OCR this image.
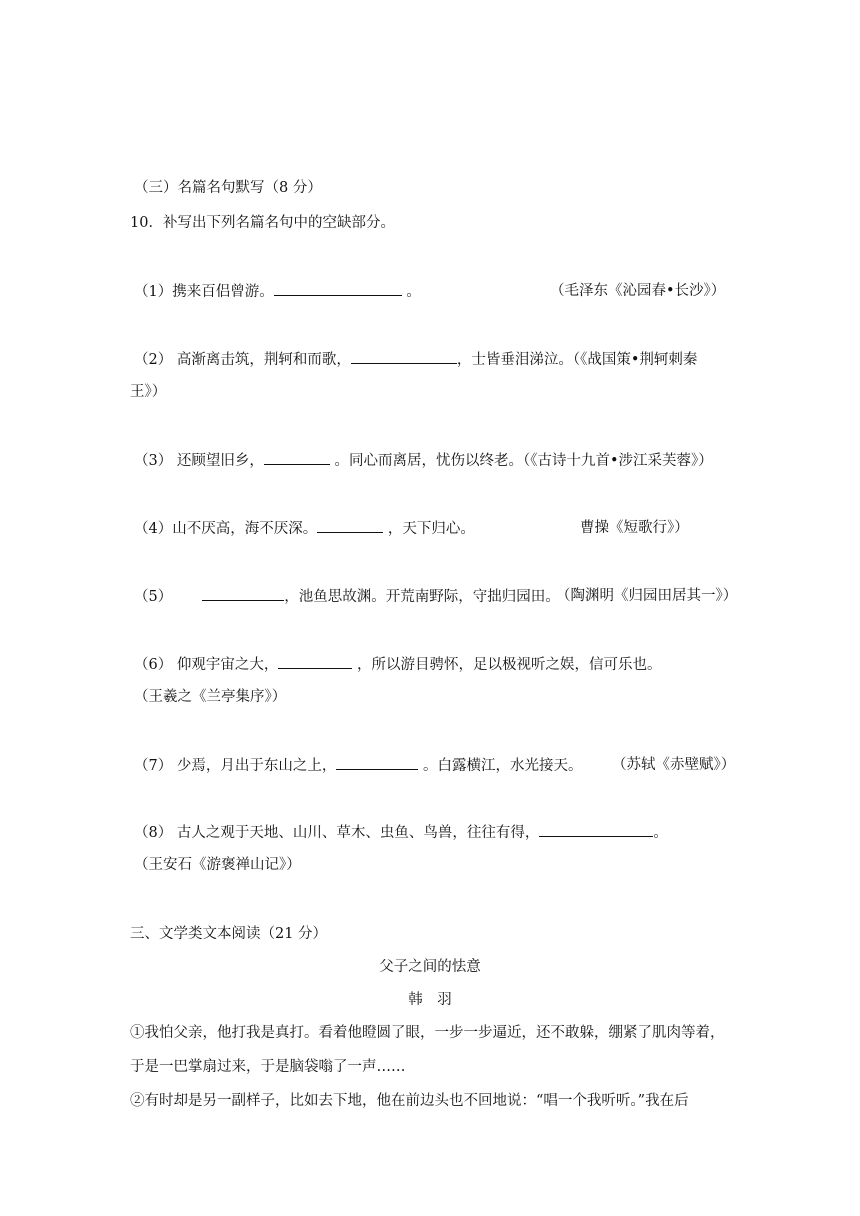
（三）名篇名句默写（8 分）
10．补写出下列名篇名句中的空缺部分。
（1）携来百侣曾游。	。	（毛泽东《沁园春•长沙》）
（2） 高渐离击筑，荆轲和而歌，	，士皆垂泪涕泣。（《战国策•荆轲刺秦
王》）
（3） 还顾望旧乡，	。同心而离居，忧伤以终老。（《古诗十九首•涉江采芙蓉》）
（4）山不厌高，海不厌深。	，天下归心。	曹操《短歌行》）
（5）	，池鱼思故渊。开荒南野际，守拙归园田。
（陶渊明《归园田居其一》）
（6） 仰观宇宙之大，	，所以游目骋怀，足以极视听之娱，信可乐也。
（王羲之《兰亭集序》）
（7） 少焉，月出于东山之上，	。白露横江，水光接天。 （苏轼《赤壁赋》）
（8） 古人之观于天地、山川、草木、虫鱼、鸟兽，往往有得，	。
（王安石《游褒禅山记》）
三、文学类文本阅读（21 分）
父子之间的怯意
韩　羽
①我怕父亲，他打我是真打。看着他瞪圆了眼，一步一步逼近，还不敢躲，绷紧了肌肉等着，
于是一巴掌扇过来，于是脑袋嗡了一声……
②有时却是另一副样子，比如去下地，他在前边头也不回地说：“唱一个我听听。”我在后
